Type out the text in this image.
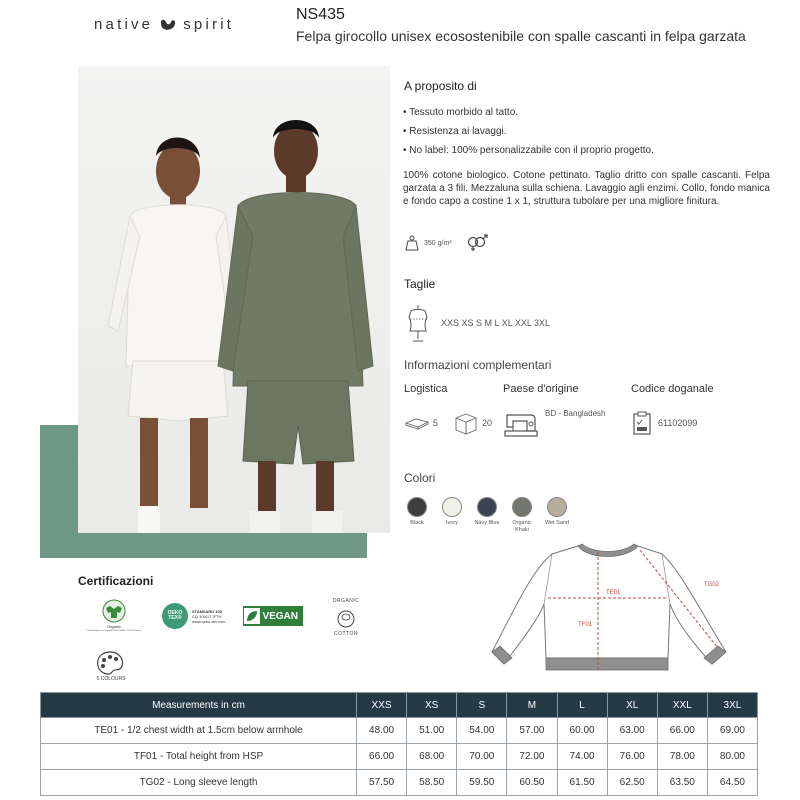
native spirit
NS435
Felpa girocollo unisex ecosostenibile con spalle cascanti in felpa garzata
A proposito di
• Tessuto morbido al tatto.
• Resistenza ai lavaggi.
• No label: 100% personalizzabile con il proprio progetto.

100% cotone biologico. Cotone pettinato. Taglio dritto con spalle cascanti. Felpa garzata a 3 fili. Mezzaluna sulla schiena. Lavaggio agli enzimi. Collo, fondo manica e fondo capo a costine 1 x 1, struttura tubolare per una migliore finitura.

350 g/m²
Taglie
XXS XS S M L XL XXL 3XL
Informazioni complementari
Logistica	Paese d'origine	Codice doganale
5	20
BD - Bangladesh
61102099
Colori
Black	Ivory	Navy Blue	Organic Khaki
Wet Sand
TE01
TF01
TG02
Certificazioni
Organic
Certified by Ecocert Greenlife 831-7959666 / TOPTEX France
OEKO TEX®
STANDARD 100
CQ 1091/7 IFTH
www.oeko-tex.com	VEGAN
ORGANIC
COTTON
5 COLOURS
Measurements in cm	XXS	XS	S	M	L	XL	XXL	3XL
TE01 - 1/2 chest width at 1.5cm below armhole	48.00	51.00	54.00	57.00	60.00	63.00	66.00	69.00
TF01 - Total height from HSP	66.00	68.00	70.00	72.00	74.00	76.00	78.00	80.00
TG02 - Long sleeve length	57.50	58.50	59.50	60.50	61.50	62.50	63.50	64.50
